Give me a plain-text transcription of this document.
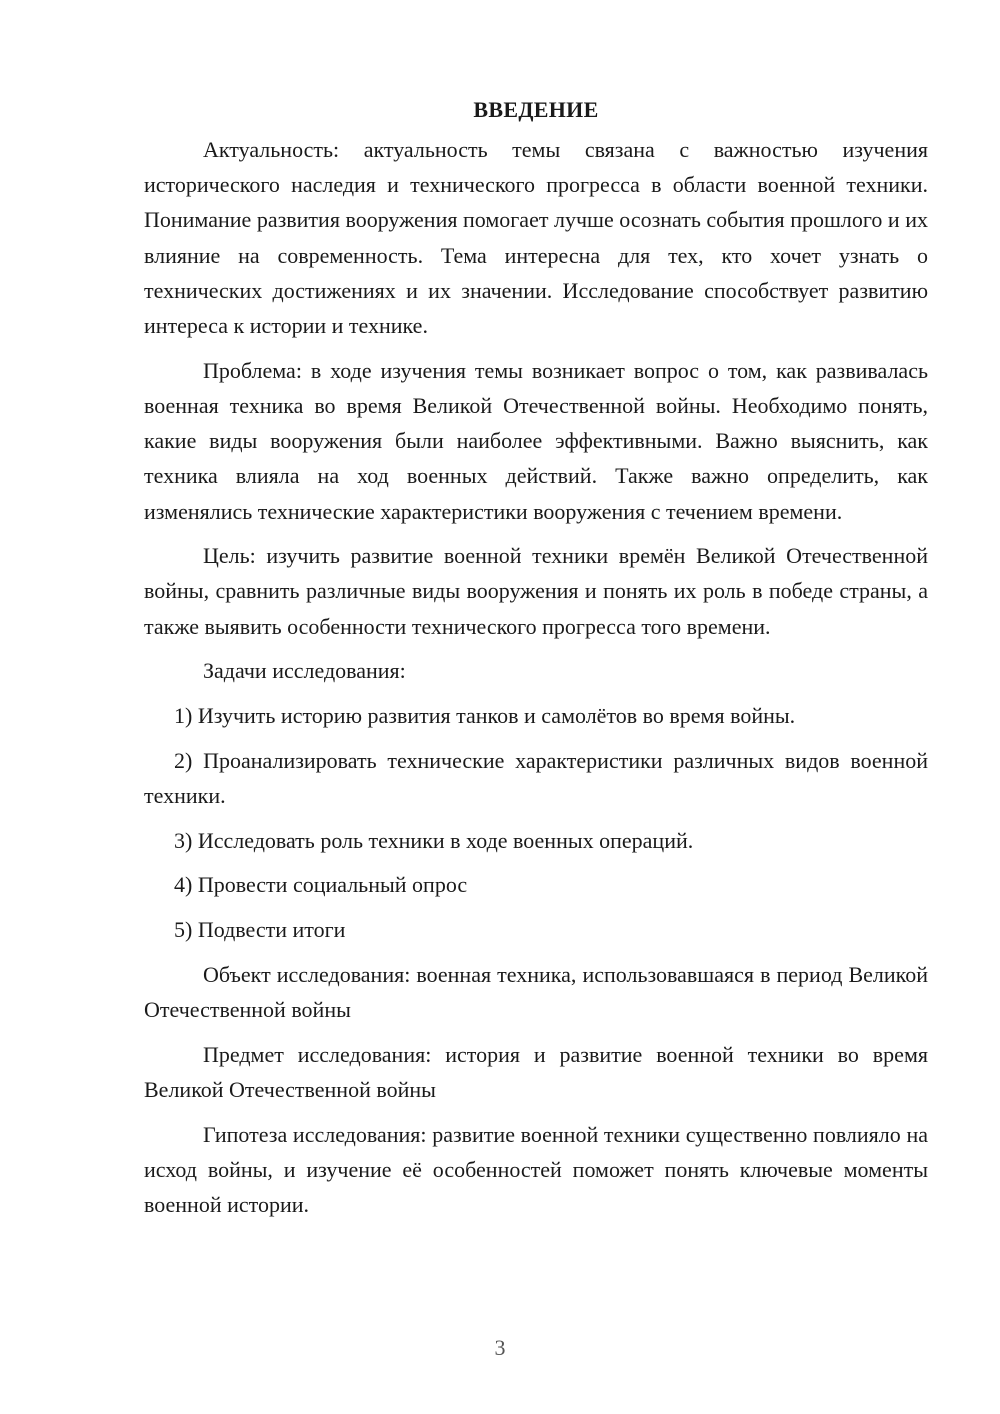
ВВЕДЕНИЕ

Актуальность: актуальность темы связана с важностью изучения исторического наследия и технического прогресса в области военной техники. Понимание развития вооружения помогает лучше осознать события прошлого и их влияние на современность. Тема интересна для тех, кто хочет узнать о технических достижениях и их значении. Исследование способствует развитию интереса к истории и технике.

Проблема: в ходе изучения темы возникает вопрос о том, как развивалась военная техника во время Великой Отечественной войны. Необходимо понять, какие виды вооружения были наиболее эффективными. Важно выяснить, как техника влияла на ход военных действий. Также важно определить, как изменялись технические характеристики вооружения с течением времени.

Цель: изучить развитие военной техники времён Великой Отечественной войны, сравнить различные виды вооружения и понять их роль в победе страны, а также выявить особенности технического прогресса того времени.

Задачи исследования:

1) Изучить историю развития танков и самолётов во время войны.

2) Проанализировать технические характеристики различных видов военной техники.

3) Исследовать роль техники в ходе военных операций.

4) Провести социальный опрос

5) Подвести итоги

Объект исследования: военная техника, использовавшаяся в период Великой Отечественной войны

Предмет исследования: история и развитие военной техники во время Великой Отечественной войны

Гипотеза исследования: развитие военной техники существенно повлияло на исход войны, и изучение её особенностей поможет понять ключевые моменты военной истории.

3
